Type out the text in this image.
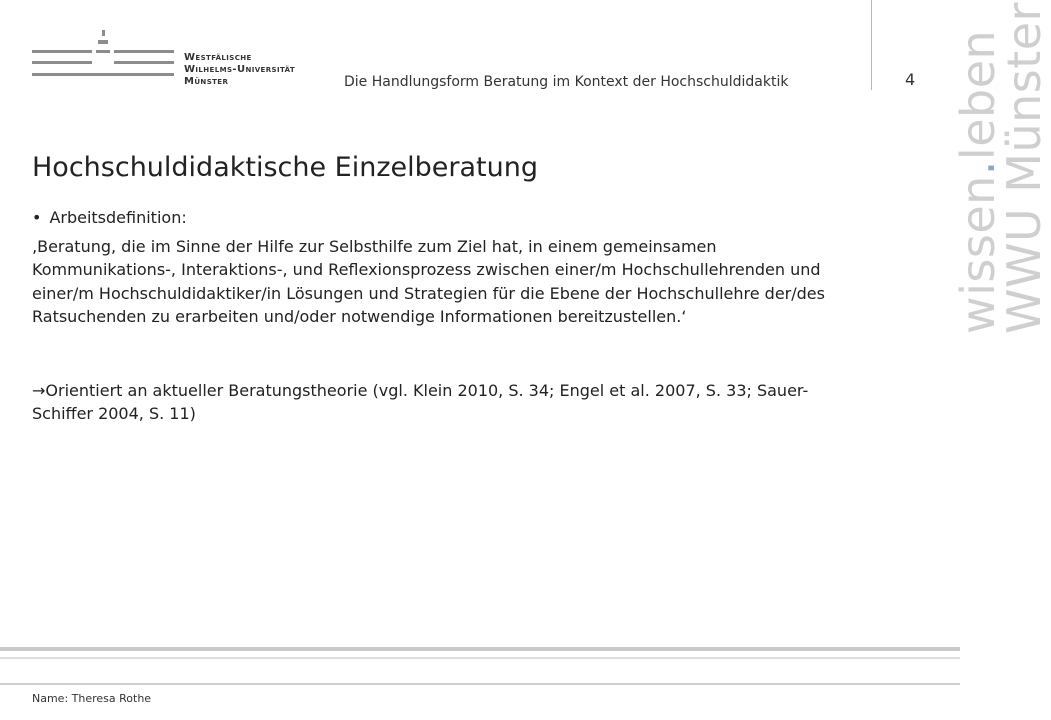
Westfälische
Wilhelms-Universität
Münster	Die Handlungsform Beratung im Kontext der Hochschuldidaktik	4
Hochschuldidaktische Einzelberatung
• Arbeitsdefinition:
‚Beratung, die im Sinne der Hilfe zur Selbsthilfe zum Ziel hat, in einem gemeinsamen Kommunikations-, Interaktions-, und Reflexionsprozess zwischen einer/m Hochschullehrenden und einer/m Hochschuldidaktiker/in Lösungen und Strategien für die Ebene der Hochschullehre der/des Ratsuchenden zu erarbeiten und/oder notwendige Informationen bereitzustellen.‘
→Orientiert an aktueller Beratungstheorie (vgl. Klein 2010, S. 34; Engel et al. 2007, S. 33; Sauer-Schiffer 2004, S. 11)
wissen.leben
WWU Münster
Name: Theresa Rothe
